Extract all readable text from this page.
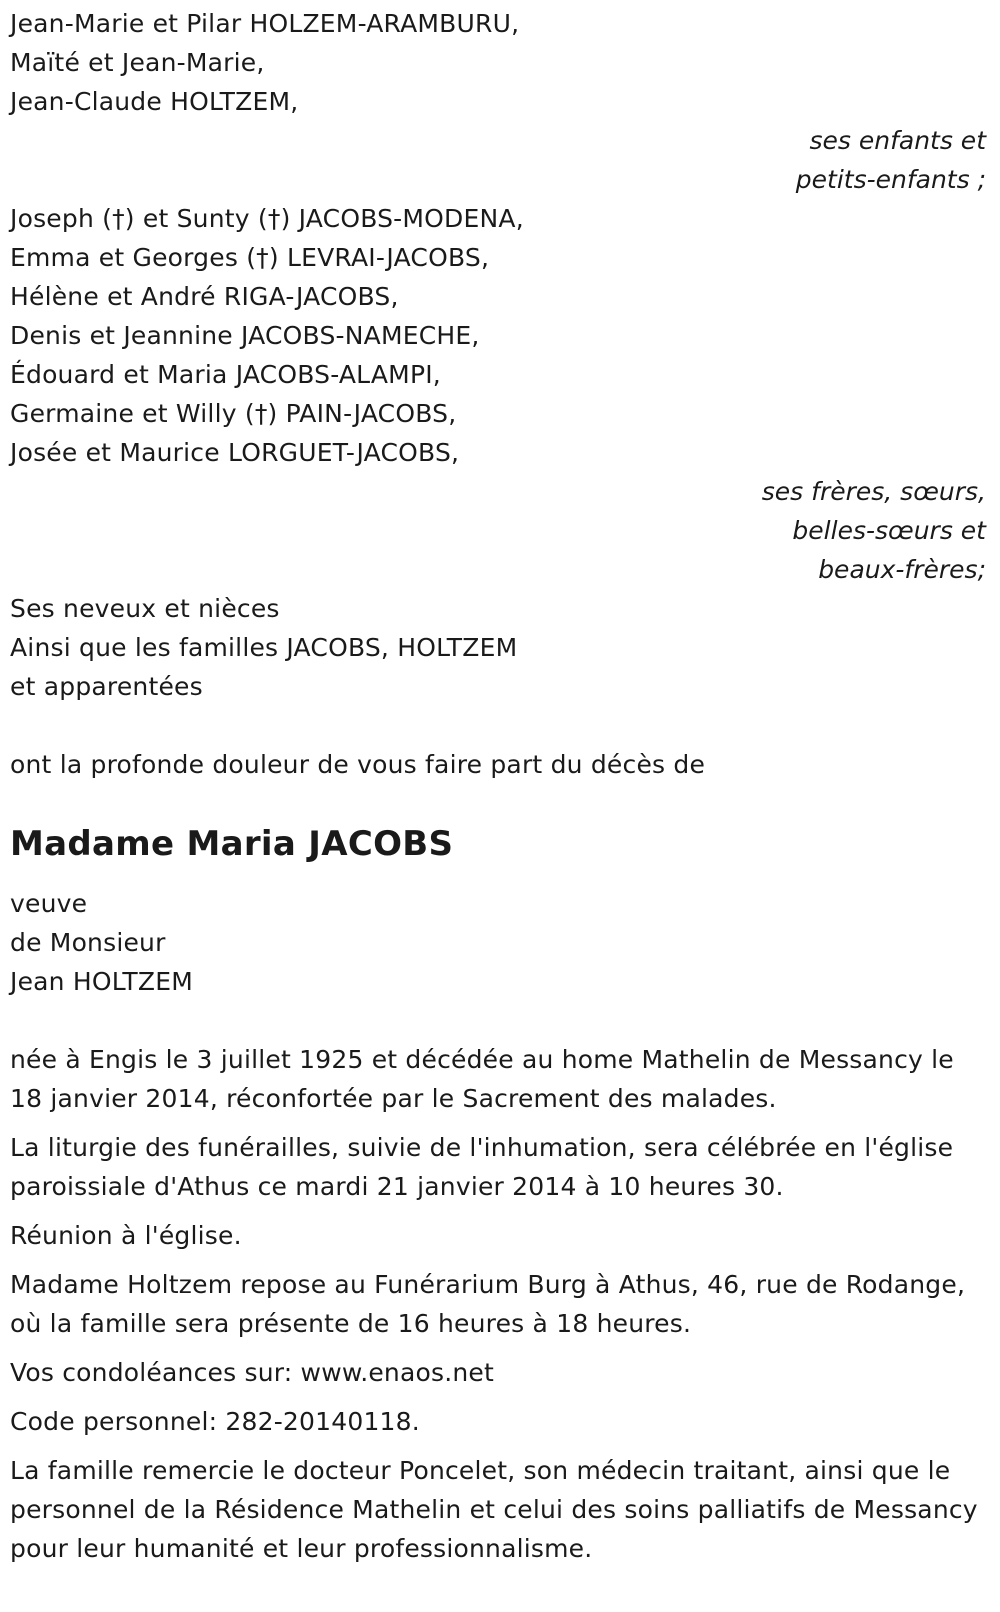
Jean-Marie et Pilar HOLZEM-ARAMBURU,
Maïté et Jean-Marie,
Jean-Claude HOLTZEM,
ses enfants et
petits-enfants ;
Joseph (†) et Sunty (†) JACOBS-MODENA,
Emma et Georges (†) LEVRAI-JACOBS,
Hélène et André RIGA-JACOBS,
Denis et Jeannine JACOBS-NAMECHE,
Édouard et Maria JACOBS-ALAMPI,
Germaine et Willy (†) PAIN-JACOBS,
Josée et Maurice LORGUET-JACOBS,
ses frères, sœurs,
belles-sœurs et
beaux-frères;
Ses neveux et nièces
Ainsi que les familles JACOBS, HOLTZEM
et apparentées
ont la profonde douleur de vous faire part du décès de
Madame Maria JACOBS
veuve
de Monsieur
Jean HOLTZEM
née à Engis le 3 juillet 1925 et décédée au home Mathelin de Messancy le 18 janvier 2014, réconfortée par le Sacrement des malades.
La liturgie des funérailles, suivie de l'inhumation, sera célébrée en l'église paroissiale d'Athus ce mardi 21 janvier 2014 à 10 heures 30.
Réunion à l'église.
Madame Holtzem repose au Funérarium Burg à Athus, 46, rue de Rodange, où la famille sera présente de 16 heures à 18 heures.
Vos condoléances sur: www.enaos.net
Code personnel: 282-20140118.
La famille remercie le docteur Poncelet, son médecin traitant, ainsi que le personnel de la Résidence Mathelin et celui des soins palliatifs de Messancy pour leur humanité et leur professionnalisme.
